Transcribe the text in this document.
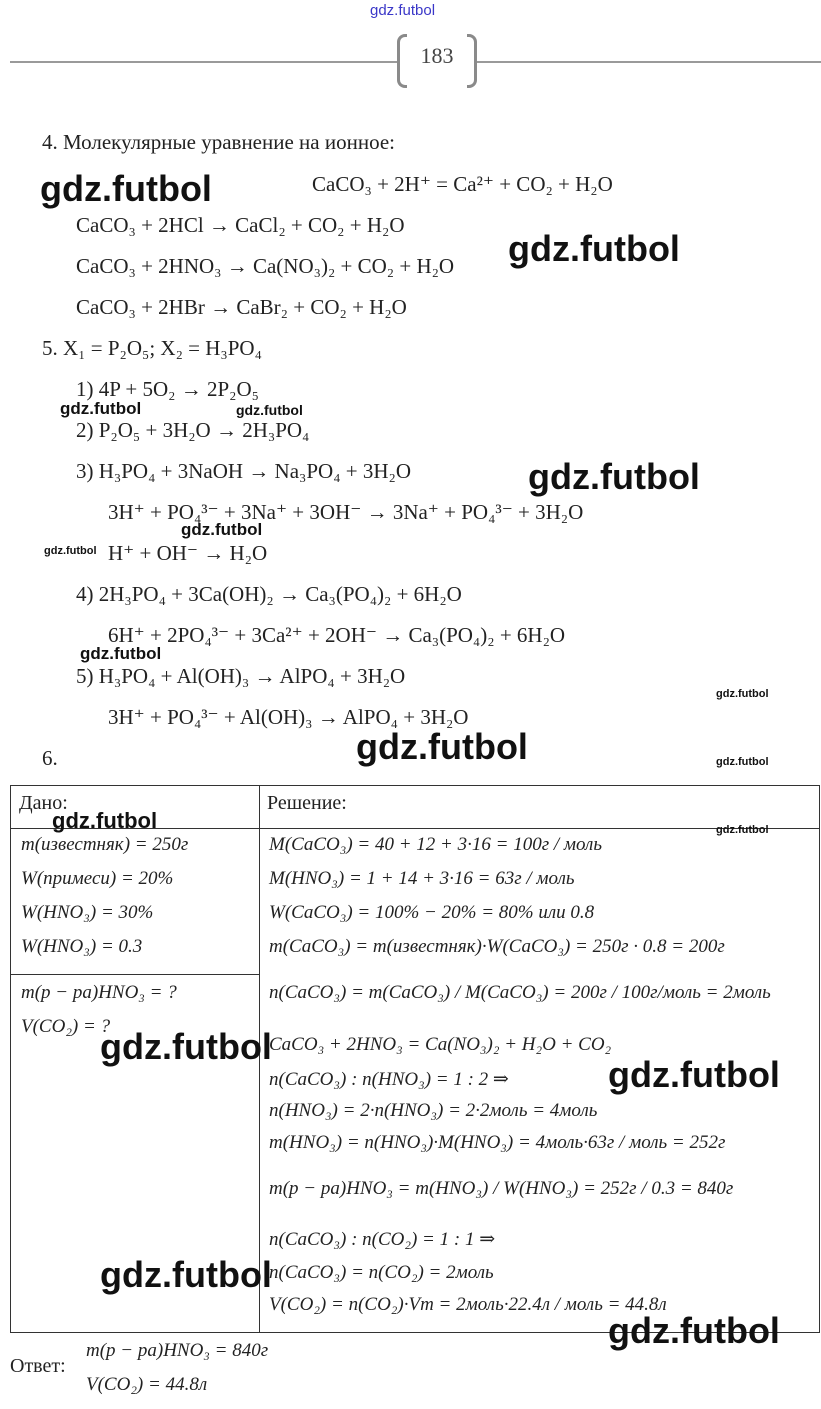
gdz.futbol
183
4. Молекулярные уравнение на ионное:
CaCO₃ + 2H⁺ = Ca²⁺ + CO₂ + H₂O
CaCO₃ + 2HCl → CaCl₂ + CO₂ + H₂O
CaCO₃ + 2HNO₃ → Ca(NO₃)₂ + CO₂ + H₂O
CaCO₃ + 2HBr → CaBr₂ + CO₂ + H₂O
5. X₁ = P₂O₅; X₂ = H₃PO₄
1) 4P + 5O₂ → 2P₂O₅
2) P₂O₅ + 3H₂O → 2H₃PO₄
3) H₃PO₄ + 3NaOH → Na₃PO₄ + 3H₂O
3H⁺ + PO₄³⁻ + 3Na⁺ + 3OH⁻ → 3Na⁺ + PO₄³⁻ + 3H₂O
H⁺ + OH⁻ → H₂O
4) 2H₃PO₄ + 3Ca(OH)₂ → Ca₃(PO₄)₂ + 6H₂O
6H⁺ + 2PO₄³⁻ + 3Ca²⁺ + 2OH⁻ → Ca₃(PO₄)₂ + 6H₂O
5) H₃PO₄ + Al(OH)₃ → AlPO₄ + 3H₂O
3H⁺ + PO₄³⁻ + Al(OH)₃ → AlPO₄ + 3H₂O
6.
Дано:	Решение:
m(известняк) = 250г
W(примеси) = 20%
W(HNO₃) = 30%
W(HNO₃) = 0.3
m(p − pa)HNO₃ = ?
V(CO₂) = ?
M(CaCO₃) = 40 + 12 + 3·16 = 100г / моль
M(HNO₃) = 1 + 14 + 3·16 = 63г / моль
W(CaCO₃) = 100% − 20% = 80% или 0.8
m(CaCO₃) = m(известняк)·W(CaCO₃) = 250г · 0.8 = 200г
n(CaCO₃) = m(CaCO₃) / M(CaCO₃) = 200г / 100г/моль = 2моль
CaCO₃ + 2HNO₃ = Ca(NO₃)₂ + H₂O + CO₂
n(CaCO₃) : n(HNO₃) = 1 : 2 ⇒
n(HNO₃) = 2·n(HNO₃) = 2·2моль = 4моль
m(HNO₃) = n(HNO₃)·M(HNO₃) = 4моль·63г / моль = 252г
m(p − pa)HNO₃ = m(HNO₃) / W(HNO₃) = 252г / 0.3 = 840г
n(CaCO₃) : n(CO₂) = 1 : 1 ⇒
n(CaCO₃) = n(CO₂) = 2моль
V(CO₂) = n(CO₂)·Vm = 2моль·22.4л / моль = 44.8л
Ответ:
m(p − pa)HNO₃ = 840г
V(CO₂) = 44.8л
gdz.futbol
gdz.futbol
gdz.futbol	gdz.futbol
gdz.futbol
gdz.futbol
gdz.futbol
gdz.futbol
gdz.futbol
gdz.futbol	gdz.futbol
gdz.futbol	gdz.futbol
gdz.futbol
gdz.futbol
gdz.futbol
gdz.futbol
